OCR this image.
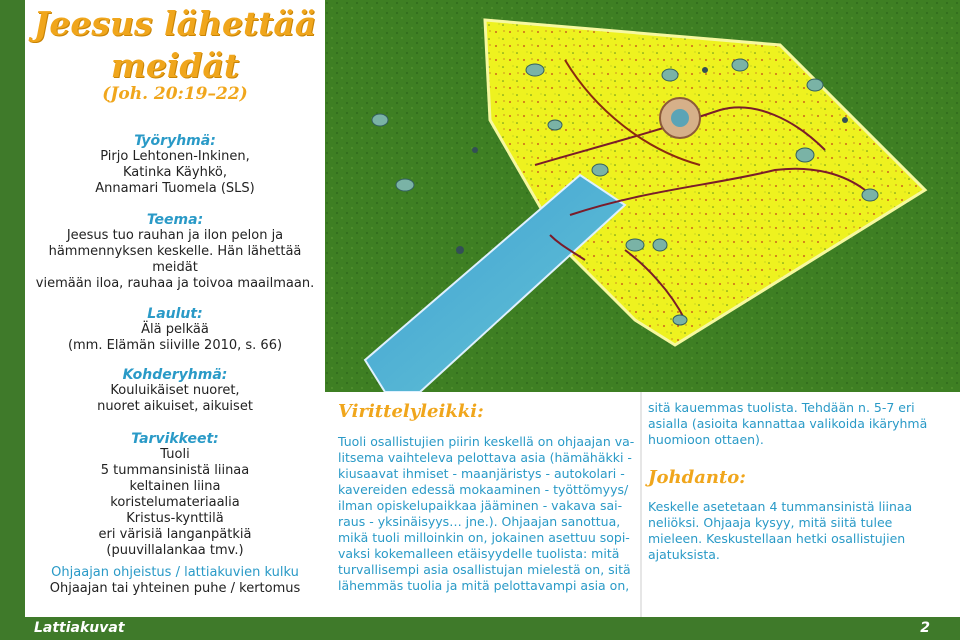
Jeesus lähettää
meidät
(Joh. 20:19–22)
Työryhmä:
Pirjo Lehtonen-Inkinen,
Katinka Käyhkö,
Annamari Tuomela (SLS)
Teema:
Jeesus tuo rauhan ja ilon pelon ja
hämmennyksen keskelle. Hän lähettää
meidät
viemään iloa, rauhaa ja toivoa maailmaan.
Laulut:
Älä pelkää
(mm. Elämän siiville 2010, s. 66)
Kohderyhmä:
Kouluikäiset nuoret,
nuoret aikuiset, aikuiset
Tarvikkeet:
Tuoli
5 tummansinistä liinaa
keltainen liina
koristelumateriaalia
Kristus-kynttilä
eri värisiä langanpätkiä
(puuvillalankaa tmv.)
Ohjaajan ohjeistus / lattiakuvien kulku
Ohjaajan tai yhteinen puhe / kertomus
Virittelyleikki:
Tuoli osallistujien piirin keskellä on ohjaajan va-
litsema vaihteleva pelottava asia (hämähäkki -
kiusaavat ihmiset - maanjäristys - autokolari -
kavereiden edessä mokaaminen - työttömyys/
ilman opiskelupaikkaa jääminen - vakava sai-
raus - yksinäisyys… jne.). Ohjaajan sanottua,
mikä tuoli milloinkin on, jokainen asettuu sopi-
vaksi kokemalleen etäisyydelle tuolista: mitä
turvallisempi asia osallistujan mielestä on, sitä
lähemmäs tuolia ja mitä pelottavampi asia on,
sitä kauemmas tuolista. Tehdään n. 5-7 eri
asialla (asioita kannattaa valikoida ikäryhmä
huomioon ottaen).
Johdanto:
Keskelle asetetaan 4 tummansinistä liinaa
neliöksi. Ohjaaja kysyy, mitä siitä tulee
mieleen. Keskustellaan hetki osallistujien
ajatuksista.
Lattiakuvat	2
